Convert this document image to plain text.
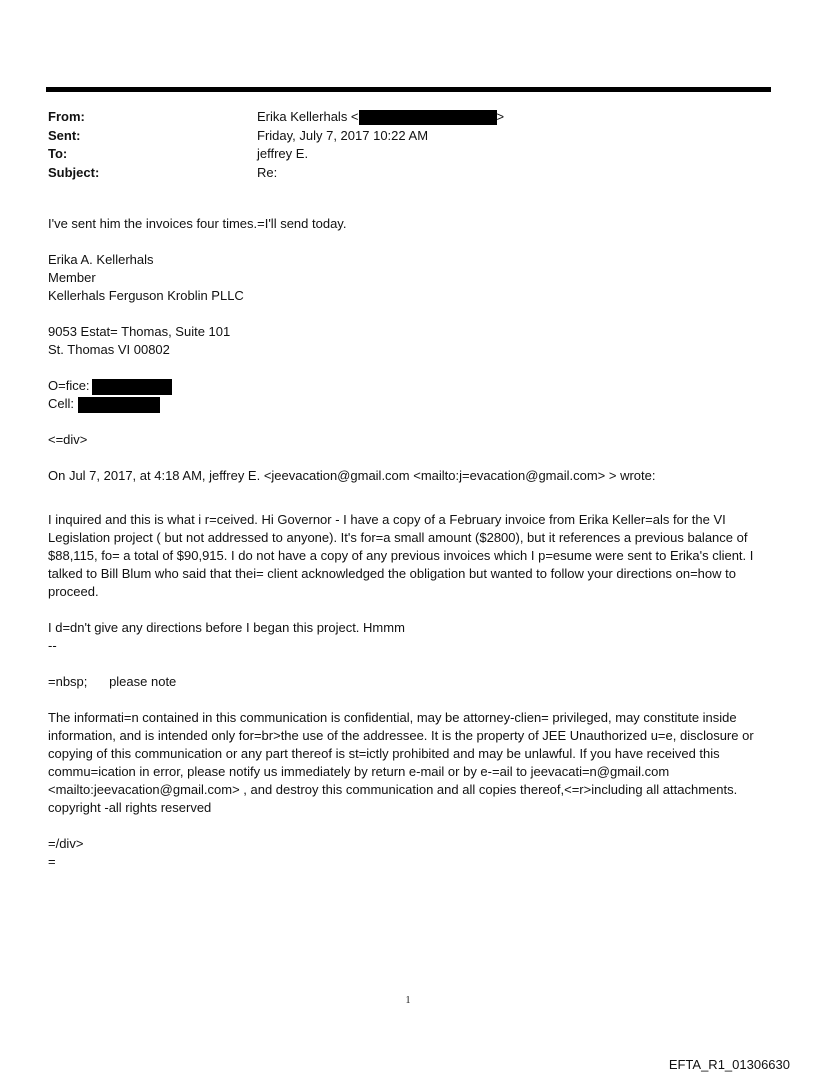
From:	Erika Kellerhals <	>
Sent:	Friday, July 7, 2017 10:22 AM
To:	jeffrey E.
Subject:	Re:

I've sent him the invoices four times.=I'll send today.

Erika A. Kellerhals

Member

Kellerhals Ferguson Kroblin PLLC

9053 Estat= Thomas, Suite 101

St. Thomas VI 00802

O=fice:

Cell:

<=div>

On Jul 7, 2017, at 4:18 AM, jeffrey E. <jeevacation@gmail.com <mailto:j=evacation@gmail.com> > wrote:

I inquired and this is what i r=ceived. Hi Governor - I have a copy of a February invoice from Erika Keller=als for the VI Legislation project ( but not addressed to anyone). It's for=a small amount ($2800), but it references a previous balance of $88,115, fo= a total of $90,915. I do not have a copy of any previous invoices which I p=esume were sent to Erika's client. I talked to Bill Blum who said that thei= client acknowledged the obligation but wanted to follow your directions on=how to proceed.

I d=dn't give any directions before I began this project. Hmmm

--

=nbsp;      please note

The informati=n contained in this communication is confidential, may be attorney-clien= privileged, may constitute inside information, and is intended only for=br>the use of the addressee. It is the property of JEE Unauthorized u=e, disclosure or copying of this communication or any part thereof is st=ictly prohibited and may be unlawful. If you have received this commu=ication in error, please notify us immediately by return e-mail or by e-=ail to jeevacati=n@gmail.com <mailto:jeevacation@gmail.com> , and destroy this communication and all copies thereof,<=r>including all attachments. copyright -all rights reserved

=/div>

=

1
EFTA_R1_01306630
